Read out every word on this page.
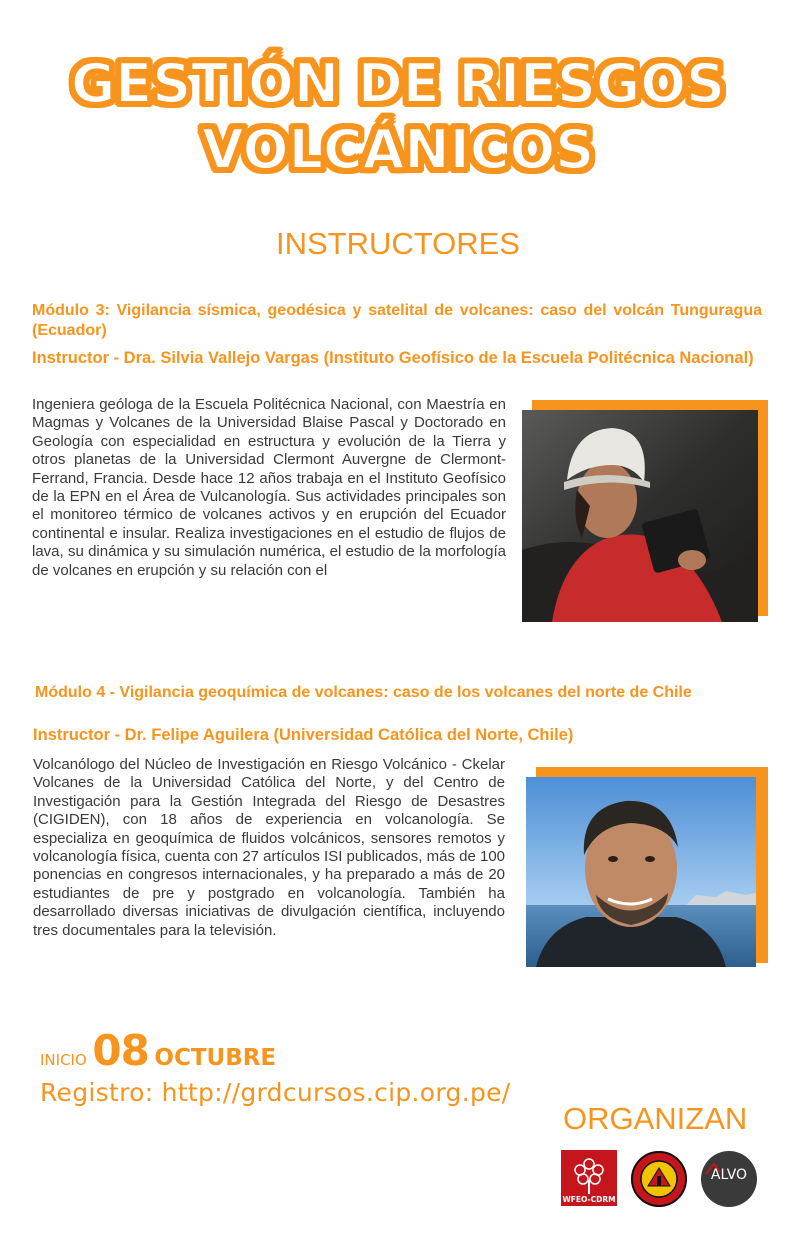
GESTIÓN DE RIESGOS
VOLCÁNICOS
INSTRUCTORES
Módulo 3: Vigilancia sísmica, geodésica y satelital de volcanes: caso del volcán Tunguragua (Ecuador)
Instructor - Dra. Silvia Vallejo Vargas (Instituto Geofísico de la Escuela Politécnica Nacional)
Ingeniera geóloga de la Escuela Politécnica Nacional, con Maestría en Magmas y Volcanes de la Universidad Blaise Pascal y Doctorado en Geología con especialidad en estructura y evolución de la Tierra y otros planetas de la Universidad Clermont Auvergne de Clermont-Ferrand, Francia. Desde hace 12 años trabaja en el Instituto Geofísico de la EPN en el Área de Vulcanología. Sus actividades principales son el monitoreo térmico de volcanes activos y en erupción del Ecuador continental e insular. Realiza investigaciones en el estudio de flujos de lava, su dinámica y su simulación numérica, el estudio de la morfología de volcanes en erupción y su relación con el
Módulo 4 - Vigilancia geoquímica de volcanes: caso de los volcanes del norte de Chile
Instructor - Dr. Felipe Aguilera (Universidad Católica del Norte, Chile)
Volcanólogo del Núcleo de Investigación en Riesgo Volcánico - Ckelar Volcanes de la Universidad Católica del Norte, y del Centro de Investigación para la Gestión Integrada del Riesgo de Desastres (CIGIDEN), con 18 años de experiencia en volcanología. Se especializa en geoquímica de fluidos volcánicos, sensores remotos y volcanología física, cuenta con 27 artículos ISI publicados, más de 100 ponencias en congresos internacionales, y ha preparado a más de 20 estudiantes de pre y postgrado en volcanología. También ha desarrollado diversas iniciativas de divulgación científica, incluyendo tres documentales para la televisión.
INICIO 08 OCTUBRE
Registro: http://grdcursos.cip.org.pe/
ORGANIZAN
WFEO-CDRM
ALVO
